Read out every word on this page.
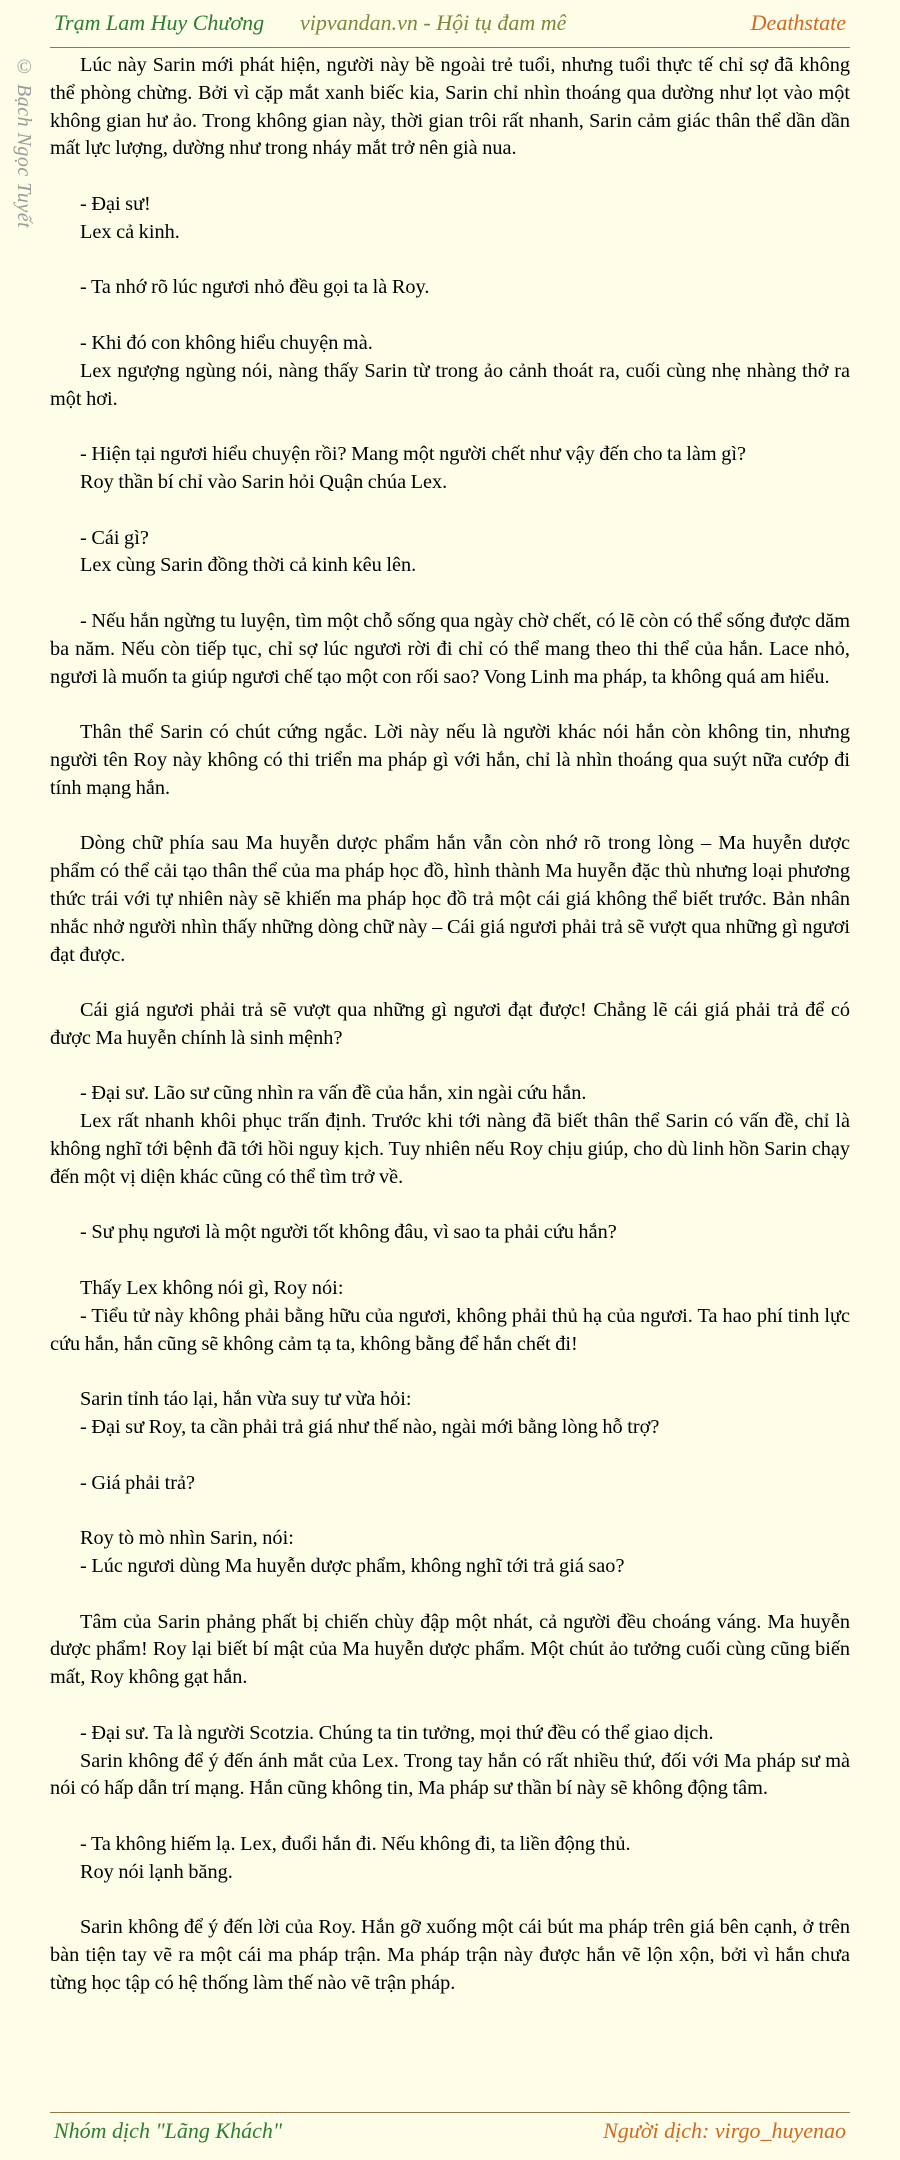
Trạm Lam Huy Chương vipvandan.vn - Hội tụ đam mê	Deathstate
© Bạch Ngọc Tuyết	Lúc này Sarin mới phát hiện, người này bề ngoài trẻ tuổi, nhưng tuổi thực tế chỉ sợ đã không thể phòng chừng. Bởi vì cặp mắt xanh biếc kia, Sarin chỉ nhìn thoáng qua dường như lọt vào một không gian hư ảo. Trong không gian này, thời gian trôi rất nhanh, Sarin cảm giác thân thể dần dần mất lực lượng, dường như trong nháy mắt trở nên già nua.

- Đại sư!

Lex cả kinh.

- Ta nhớ rõ lúc ngươi nhỏ đều gọi ta là Roy.

- Khi đó con không hiểu chuyện mà.

Lex ngượng ngùng nói, nàng thấy Sarin từ trong ảo cảnh thoát ra, cuối cùng nhẹ nhàng thở ra một hơi.

- Hiện tại ngươi hiểu chuyện rồi? Mang một người chết như vậy đến cho ta làm gì?

Roy thần bí chỉ vào Sarin hỏi Quận chúa Lex.

- Cái gì?

Lex cùng Sarin đồng thời cả kinh kêu lên.

- Nếu hắn ngừng tu luyện, tìm một chỗ sống qua ngày chờ chết, có lẽ còn có thể sống được dăm ba năm. Nếu còn tiếp tục, chỉ sợ lúc ngươi rời đi chỉ có thể mang theo thi thể của hắn. Lace nhỏ, ngươi là muốn ta giúp ngươi chế tạo một con rối sao? Vong Linh ma pháp, ta không quá am hiểu.

Thân thể Sarin có chút cứng ngắc. Lời này nếu là người khác nói hắn còn không tin, nhưng người tên Roy này không có thi triển ma pháp gì với hắn, chỉ là nhìn thoáng qua suýt nữa cướp đi tính mạng hắn.

Dòng chữ phía sau Ma huyễn dược phẩm hắn vẫn còn nhớ rõ trong lòng – Ma huyễn dược phẩm có thể cải tạo thân thể của ma pháp học đồ, hình thành Ma huyễn đặc thù nhưng loại phương thức trái với tự nhiên này sẽ khiến ma pháp học đồ trả một cái giá không thể biết trước. Bản nhân nhắc nhở người nhìn thấy những dòng chữ này – Cái giá ngươi phải trả sẽ vượt qua những gì ngươi đạt được.

Cái giá ngươi phải trả sẽ vượt qua những gì ngươi đạt được! Chẳng lẽ cái giá phải trả để có được Ma huyễn chính là sinh mệnh?

- Đại sư. Lão sư cũng nhìn ra vấn đề của hắn, xin ngài cứu hắn.

Lex rất nhanh khôi phục trấn định. Trước khi tới nàng đã biết thân thể Sarin có vấn đề, chỉ là không nghĩ tới bệnh đã tới hồi nguy kịch. Tuy nhiên nếu Roy chịu giúp, cho dù linh hồn Sarin chạy đến một vị diện khác cũng có thể tìm trở về.

- Sư phụ ngươi là một người tốt không đâu, vì sao ta phải cứu hắn?

Thấy Lex không nói gì, Roy nói:

- Tiểu tử này không phải bằng hữu của ngươi, không phải thủ hạ của ngươi. Ta hao phí tinh lực cứu hắn, hắn cũng sẽ không cảm tạ ta, không bằng để hắn chết đi!

Sarin tỉnh táo lại, hắn vừa suy tư vừa hỏi:

- Đại sư Roy, ta cần phải trả giá như thế nào, ngài mới bằng lòng hỗ trợ?

- Giá phải trả?

Roy tò mò nhìn Sarin, nói:

- Lúc ngươi dùng Ma huyễn dược phẩm, không nghĩ tới trả giá sao?

Tâm của Sarin phảng phất bị chiến chùy đập một nhát, cả người đều choáng váng. Ma huyễn dược phẩm! Roy lại biết bí mật của Ma huyễn dược phẩm. Một chút ảo tưởng cuối cùng cũng biến mất, Roy không gạt hắn.

- Đại sư. Ta là người Scotzia. Chúng ta tin tưởng, mọi thứ đều có thể giao dịch.

Sarin không để ý đến ánh mắt của Lex. Trong tay hắn có rất nhiều thứ, đối với Ma pháp sư mà nói có hấp dẫn trí mạng. Hắn cũng không tin, Ma pháp sư thần bí này sẽ không động tâm.

- Ta không hiếm lạ. Lex, đuổi hắn đi. Nếu không đi, ta liền động thủ.

Roy nói lạnh băng.

Sarin không để ý đến lời của Roy. Hắn gỡ xuống một cái bút ma pháp trên giá bên cạnh, ở trên bàn tiện tay vẽ ra một cái ma pháp trận. Ma pháp trận này được hắn vẽ lộn xộn, bởi vì hắn chưa từng học tập có hệ thống làm thế nào vẽ trận pháp.

Nhóm dịch "Lãng Khách"	Người dịch: virgo_huyenao
